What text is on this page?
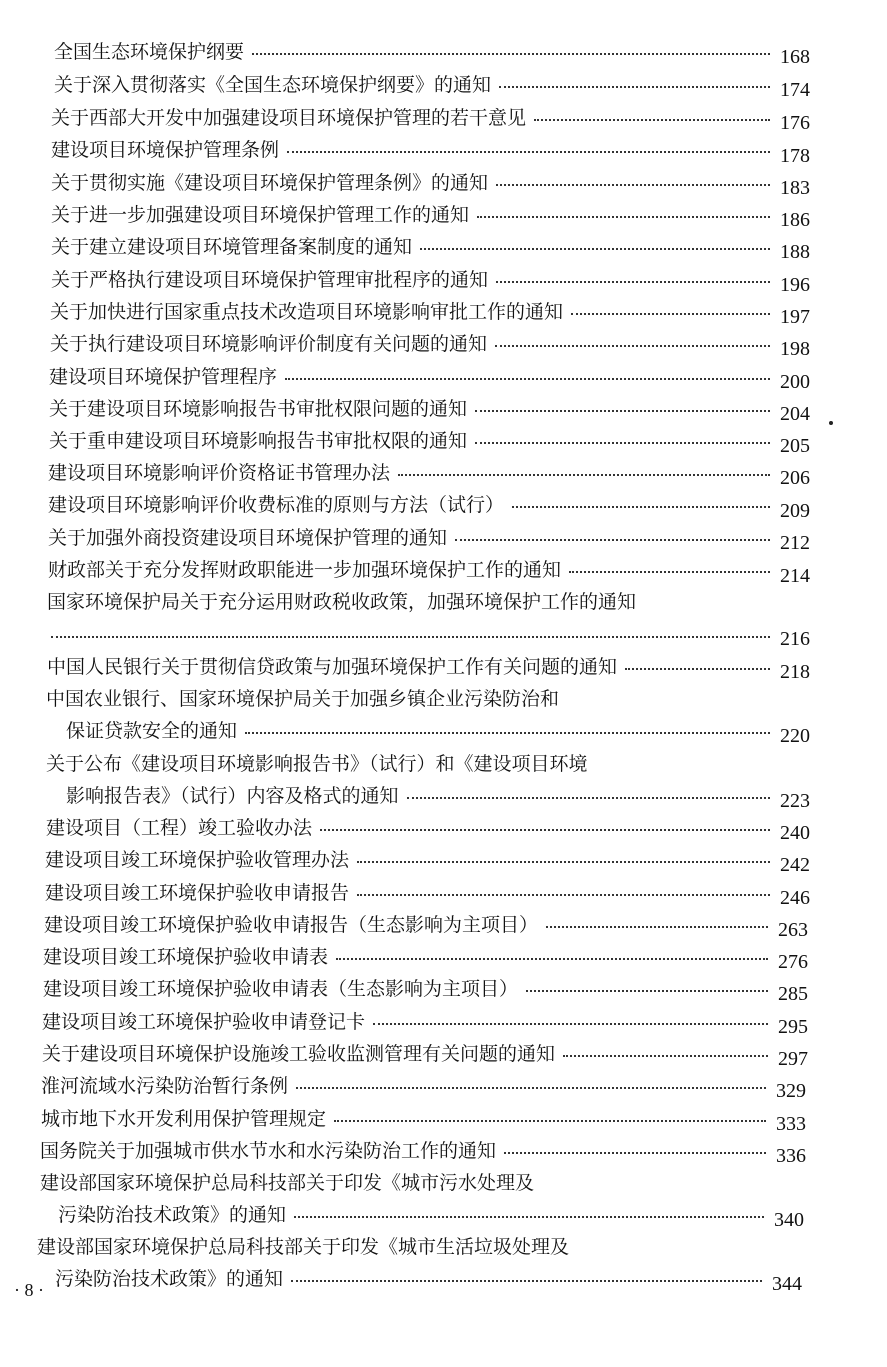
全国生态环境保护纲要	168
关于深入贯彻落实《全国生态环境保护纲要》的通知	174
关于西部大开发中加强建设项目环境保护管理的若干意见	176
建设项目环境保护管理条例	178
关于贯彻实施《建设项目环境保护管理条例》的通知	183
关于进一步加强建设项目环境保护管理工作的通知	186
关于建立建设项目环境管理备案制度的通知	188
关于严格执行建设项目环境保护管理审批程序的通知	196
关于加快进行国家重点技术改造项目环境影响审批工作的通知	197
关于执行建设项目环境影响评价制度有关问题的通知	198
建设项目环境保护管理程序	200
关于建设项目环境影响报告书审批权限问题的通知	204
关于重申建设项目环境影响报告书审批权限的通知	205
建设项目环境影响评价资格证书管理办法	206
建设项目环境影响评价收费标准的原则与方法（试行）	209
关于加强外商投资建设项目环境保护管理的通知	212
财政部关于充分发挥财政职能进一步加强环境保护工作的通知	214
国家环境保护局关于充分运用财政税收政策，加强环境保护工作的通知
216
中国人民银行关于贯彻信贷政策与加强环境保护工作有关问题的通知	218
中国农业银行、国家环境保护局关于加强乡镇企业污染防治和
保证贷款安全的通知	220
关于公布《建设项目环境影响报告书》（试行）和《建设项目环境
影响报告表》（试行）内容及格式的通知	223
建设项目（工程）竣工验收办法	240
建设项目竣工环境保护验收管理办法	242
建设项目竣工环境保护验收申请报告	246
建设项目竣工环境保护验收申请报告（生态影响为主项目）	263
建设项目竣工环境保护验收申请表	276
建设项目竣工环境保护验收申请表（生态影响为主项目）	285
建设项目竣工环境保护验收申请登记卡	295
关于建设项目环境保护设施竣工验收监测管理有关问题的通知	297
淮河流域水污染防治暂行条例	329
城市地下水开发利用保护管理规定	333
国务院关于加强城市供水节水和水污染防治工作的通知	336
建设部国家环境保护总局科技部关于印发《城市污水处理及
污染防治技术政策》的通知	340
建设部国家环境保护总局科技部关于印发《城市生活垃圾处理及
污染防治技术政策》的通知	344
· 8 ·
